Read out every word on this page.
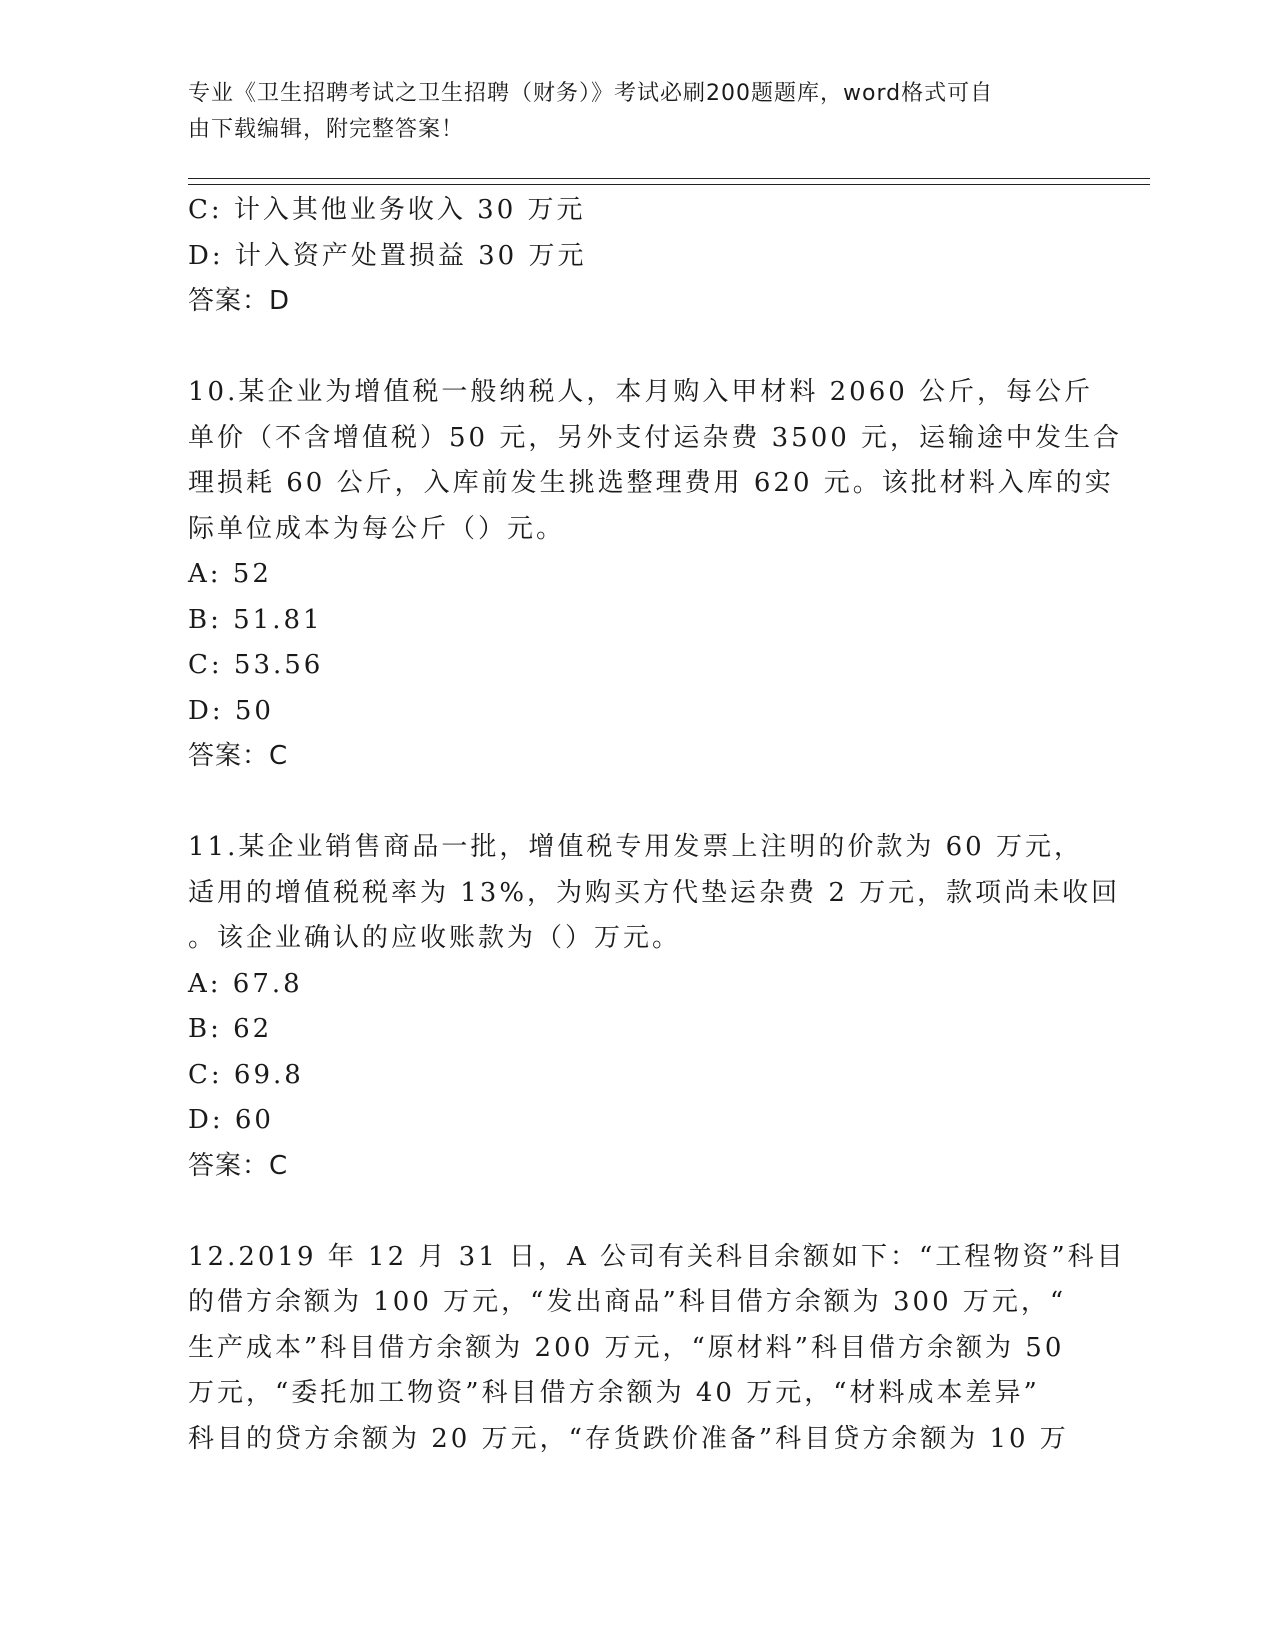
专业《卫生招聘考试之卫生招聘（财务）》考试必刷200题题库，word格式可自
由下载编辑，附完整答案！
C: 计入其他业务收入 30 万元
D: 计入资产处置损益 30 万元
答案：D
10.某企业为增值税一般纳税人，本月购入甲材料 2060 公斤，每公斤
单价（不含增值税）50 元，另外支付运杂费 3500 元，运输途中发生合
理损耗 60 公斤，入库前发生挑选整理费用 620 元。该批材料入库的实
际单位成本为每公斤（）元。
A: 52
B: 51.81
C: 53.56
D: 50
答案：C
11.某企业销售商品一批，增值税专用发票上注明的价款为 60 万元，
适用的增值税税率为 13%，为购买方代垫运杂费 2 万元，款项尚未收回
。该企业确认的应收账款为（）万元。
A: 67.8
B: 62
C: 69.8
D: 60
答案：C
12.2019 年 12 月 31 日，A 公司有关科目余额如下：“工程物资”科目
的借方余额为 100 万元，“发出商品”科目借方余额为 300 万元，“
生产成本”科目借方余额为 200 万元，“原材料”科目借方余额为 50
万元，“委托加工物资”科目借方余额为 40 万元，“材料成本差异”
科目的贷方余额为 20 万元，“存货跌价准备”科目贷方余额为 10 万
